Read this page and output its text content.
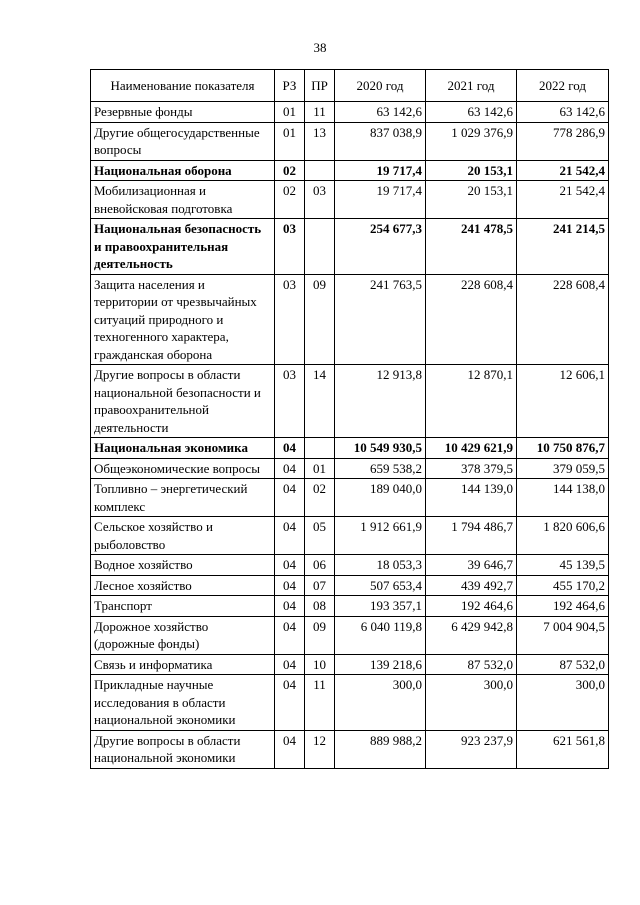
38
Наименование показателя	РЗ	ПР	2020 год	2021 год	2022 год
Резервные фонды	01	11	63 142,6	63 142,6	63 142,6
Другие общегосударственные вопросы	01	13	837 038,9	1 029 376,9	778 286,9
Национальная оборона	02		19 717,4	20 153,1	21 542,4
Мобилизационная и вневойсковая подготовка	02	03	19 717,4	20 153,1	21 542,4
Национальная безопасность и правоохранительная деятельность	03		254 677,3	241 478,5	241 214,5
Защита населения и территории от чрезвычайных ситуаций природного и техногенного характера, гражданская оборона	03	09	241 763,5	228 608,4	228 608,4
Другие вопросы в области национальной безопасности и правоохранительной деятельности	03	14	12 913,8	12 870,1	12 606,1
Национальная экономика	04		10 549 930,5	10 429 621,9	10 750 876,7
Общеэкономические вопросы	04	01	659 538,2	378 379,5	379 059,5
Топливно – энергетический комплекс	04	02	189 040,0	144 139,0	144 138,0
Сельское хозяйство и рыболовство	04	05	1 912 661,9	1 794 486,7	1 820 606,6
Водное хозяйство	04	06	18 053,3	39 646,7	45 139,5
Лесное хозяйство	04	07	507 653,4	439 492,7	455 170,2
Транспорт	04	08	193 357,1	192 464,6	192 464,6
Дорожное хозяйство (дорожные фонды)	04	09	6 040 119,8	6 429 942,8	7 004 904,5
Связь и информатика	04	10	139 218,6	87 532,0	87 532,0
Прикладные научные исследования в области национальной экономики	04	11	300,0	300,0	300,0
Другие вопросы в области национальной экономики	04	12	889 988,2	923 237,9	621 561,8
